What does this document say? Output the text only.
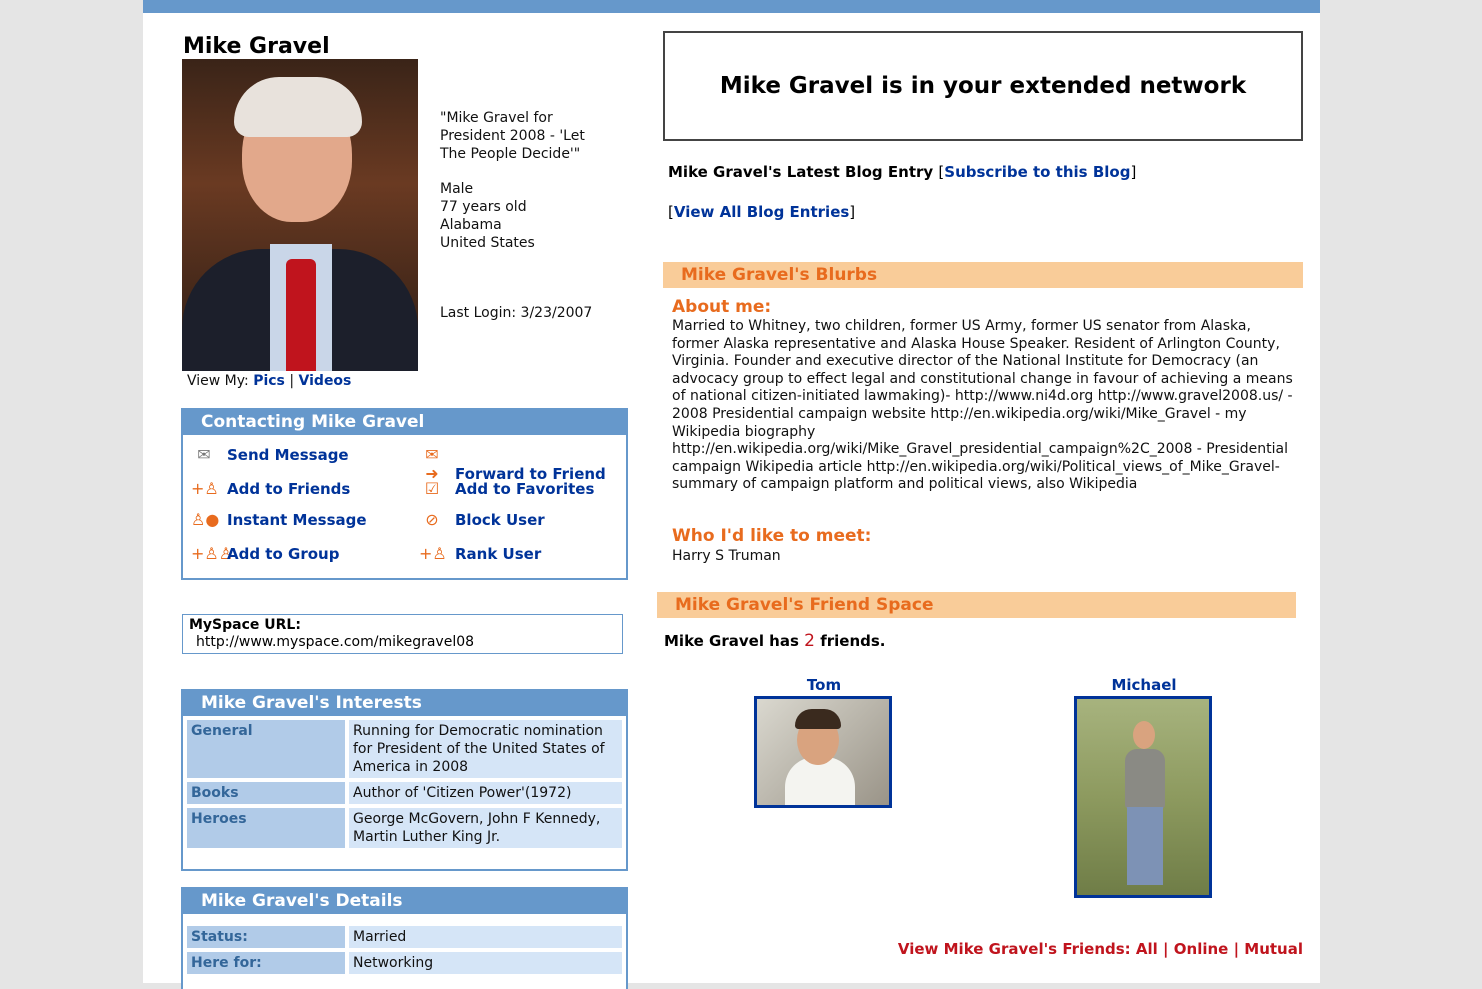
Mike Gravel
"Mike Gravel for President 2008 - 'Let The People Decide'"
Male
77 years old
Alabama
United States
Last Login: 3/23/2007
View My: Pics | Videos
Contacting Mike Gravel
✉ Send Message	✉➜ Forward to Friend
+♙ Add to Friends	☑ Add to Favorites
♙● Instant Message	⊘ Block User
+♙♙Add to Group	+♙ Rank User
MySpace URL:
http://www.myspace.com/mikegravel08
Mike Gravel's Interests
General	Running for Democratic nomination for President of the United States of America in 2008
Books	Author of 'Citizen Power'(1972)
Heroes	George McGovern, John F Kennedy, Martin Luther King Jr.
Mike Gravel's Details
Status:	Married
Here for:	Networking
Mike Gravel is in your extended network
Mike Gravel's Latest Blog Entry [Subscribe to this Blog]
[View All Blog Entries]
Mike Gravel's Blurbs
About me:
Married to Whitney, two children, former US Army, former US senator from Alaska, former Alaska representative and Alaska House Speaker. Resident of Arlington County, Virginia. Founder and executive director of the National Institute for Democracy (an advocacy group to effect legal and constitutional change in favour of achieving a means of national citizen-initiated lawmaking)- http://www.ni4d.org http://www.gravel2008.us/ - 2008 Presidential campaign website http://en.wikipedia.org/wiki/Mike_Gravel - my Wikipedia biography http://en.wikipedia.org/wiki/Mike_Gravel_presidential_campaign%2C_2008 - Presidential campaign Wikipedia article http://en.wikipedia.org/wiki/Political_views_of_Mike_Gravel- summary of campaign platform and political views, also Wikipedia
Who I'd like to meet:
Harry S Truman
Mike Gravel's Friend Space
Mike Gravel has 2 friends.
Tom	Michael
View Mike Gravel's Friends: All | Online | Mutual
